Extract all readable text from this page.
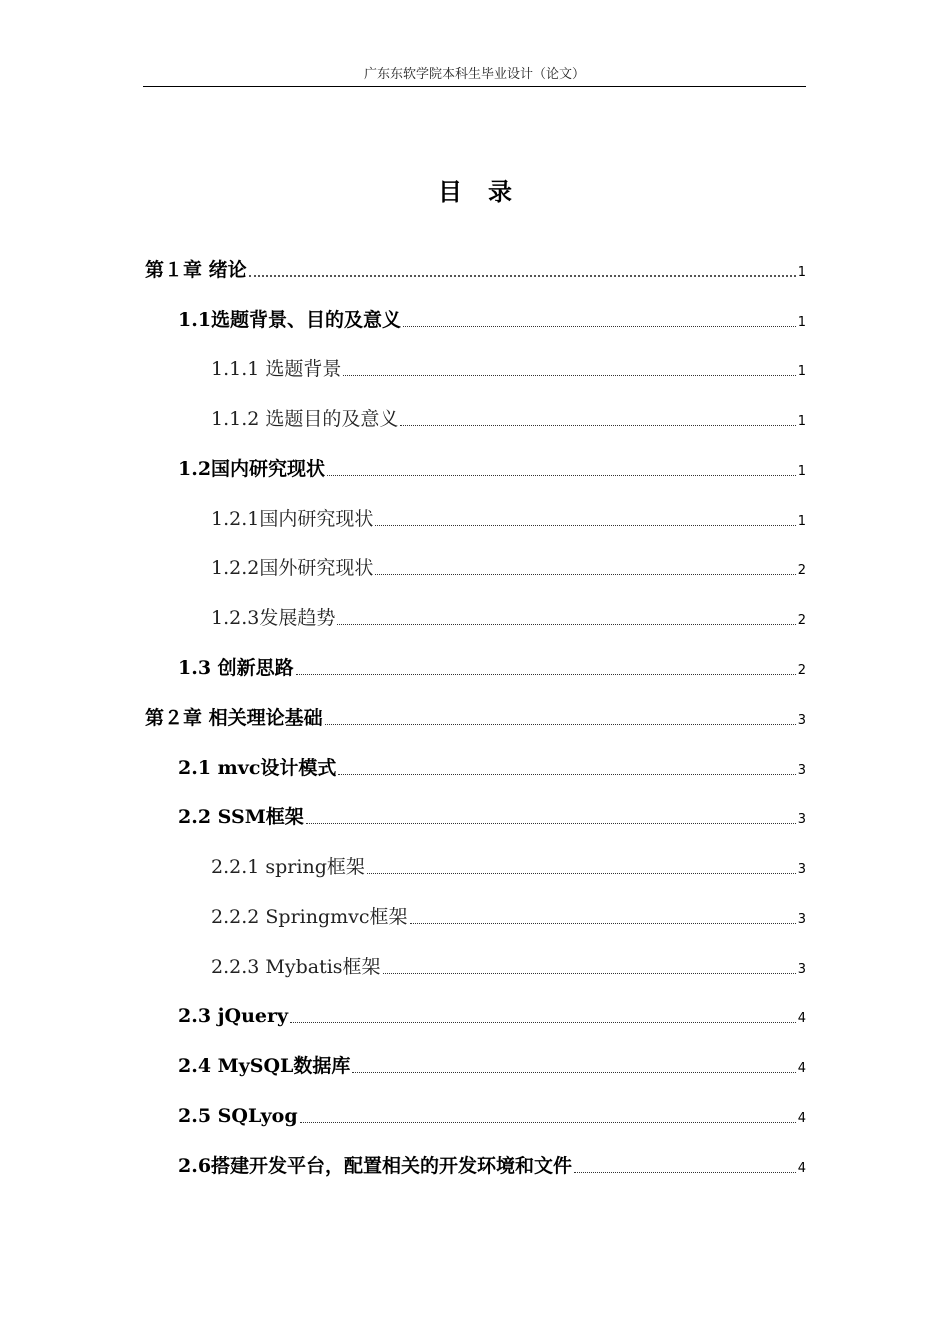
广东东软学院本科生毕业设计（论文）
目录
第１章 绪论	1
1.1选题背景、目的及意义	1
1.1.1 选题背景	1
1.1.2 选题目的及意义	1
1.2国内研究现状	1
1.2.1国内研究现状	1
1.2.2国外研究现状	2
1.2.3发展趋势	2
1.3 创新思路	2
第２章 相关理论基础	3
2.1 mvc设计模式	3
2.2 SSM框架	3
2.2.1 spring框架	3
2.2.2 Springmvc框架	3
2.2.3 Mybatis框架	3
2.3 jQuery	4
2.4 MySQL数据库	4
2.5 SQLyog	4
2.6搭建开发平台，配置相关的开发环境和文件	4
